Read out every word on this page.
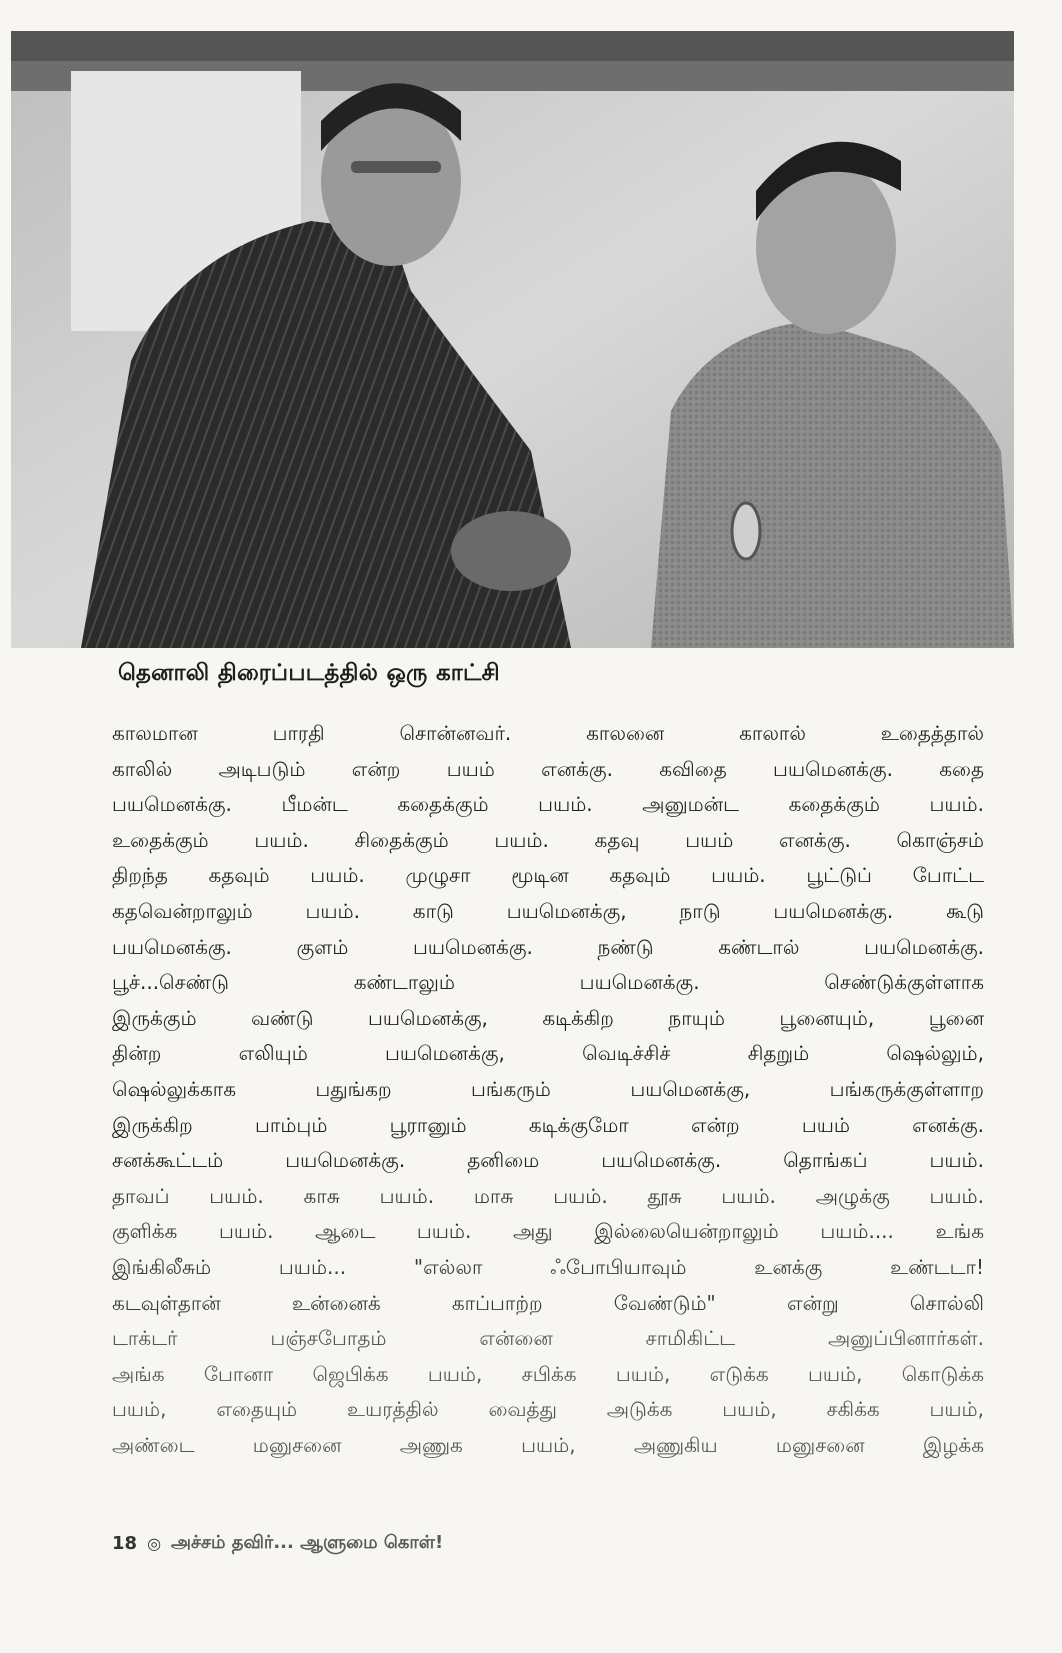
தெனாலி திரைப்படத்தில் ஒரு காட்சி
காலமான பாரதி சொன்னவர். காலனை காலால் உதைத்தால்
காலில் அடிபடும் என்ற பயம் எனக்கு. கவிதை பயமெனக்கு. கதை
பயமெனக்கு. பீமன்ட கதைக்கும் பயம். அனுமன்ட கதைக்கும் பயம்.
உதைக்கும் பயம். சிதைக்கும் பயம். கதவு பயம் எனக்கு. கொஞ்சம்
திறந்த கதவும் பயம். முழுசா மூடின கதவும் பயம். பூட்டுப் போட்ட
கதவென்றாலும் பயம். காடு பயமெனக்கு, நாடு பயமெனக்கு. கூடு
பயமெனக்கு. குளம் பயமெனக்கு. நண்டு கண்டால் பயமெனக்கு.
பூச்...செண்டு கண்டாலும் பயமெனக்கு. செண்டுக்குள்ளாக
இருக்கும் வண்டு பயமெனக்கு, கடிக்கிற நாயும் பூனையும், பூனை
தின்ற எலியும் பயமெனக்கு, வெடிச்சிச் சிதறும் ஷெல்லும்,
ஷெல்லுக்காக பதுங்கற பங்கரும் பயமெனக்கு, பங்கருக்குள்ளாற
இருக்கிற பாம்பும் பூரானும் கடிக்குமோ என்ற பயம் எனக்கு.
சனக்கூட்டம் பயமெனக்கு. தனிமை பயமெனக்கு. தொங்கப் பயம்.
தாவப் பயம். காசு பயம். மாசு பயம். தூசு பயம். அழுக்கு பயம்.
குளிக்க பயம். ஆடை பயம். அது இல்லையென்றாலும் பயம்.... உங்க
இங்கிலீசும் பயம்... "எல்லா ஃபோபியாவும் உனக்கு உண்டடா!
கடவுள்தான் உன்னைக் காப்பாற்ற வேண்டும்" என்று சொல்லி
டாக்டர் பஞ்சபோதம் என்னை சாமிகிட்ட அனுப்பினார்கள்.
அங்க போனா ஜெபிக்க பயம், சபிக்க பயம், எடுக்க பயம், கொடுக்க
பயம், எதையும் உயரத்தில் வைத்து அடுக்க பயம், சகிக்க பயம்,
அண்டை மனுசனை அணுக பயம், அணுகிய மனுசனை இழக்க
18 ◎ அச்சம் தவிர்... ஆளுமை கொள்!
